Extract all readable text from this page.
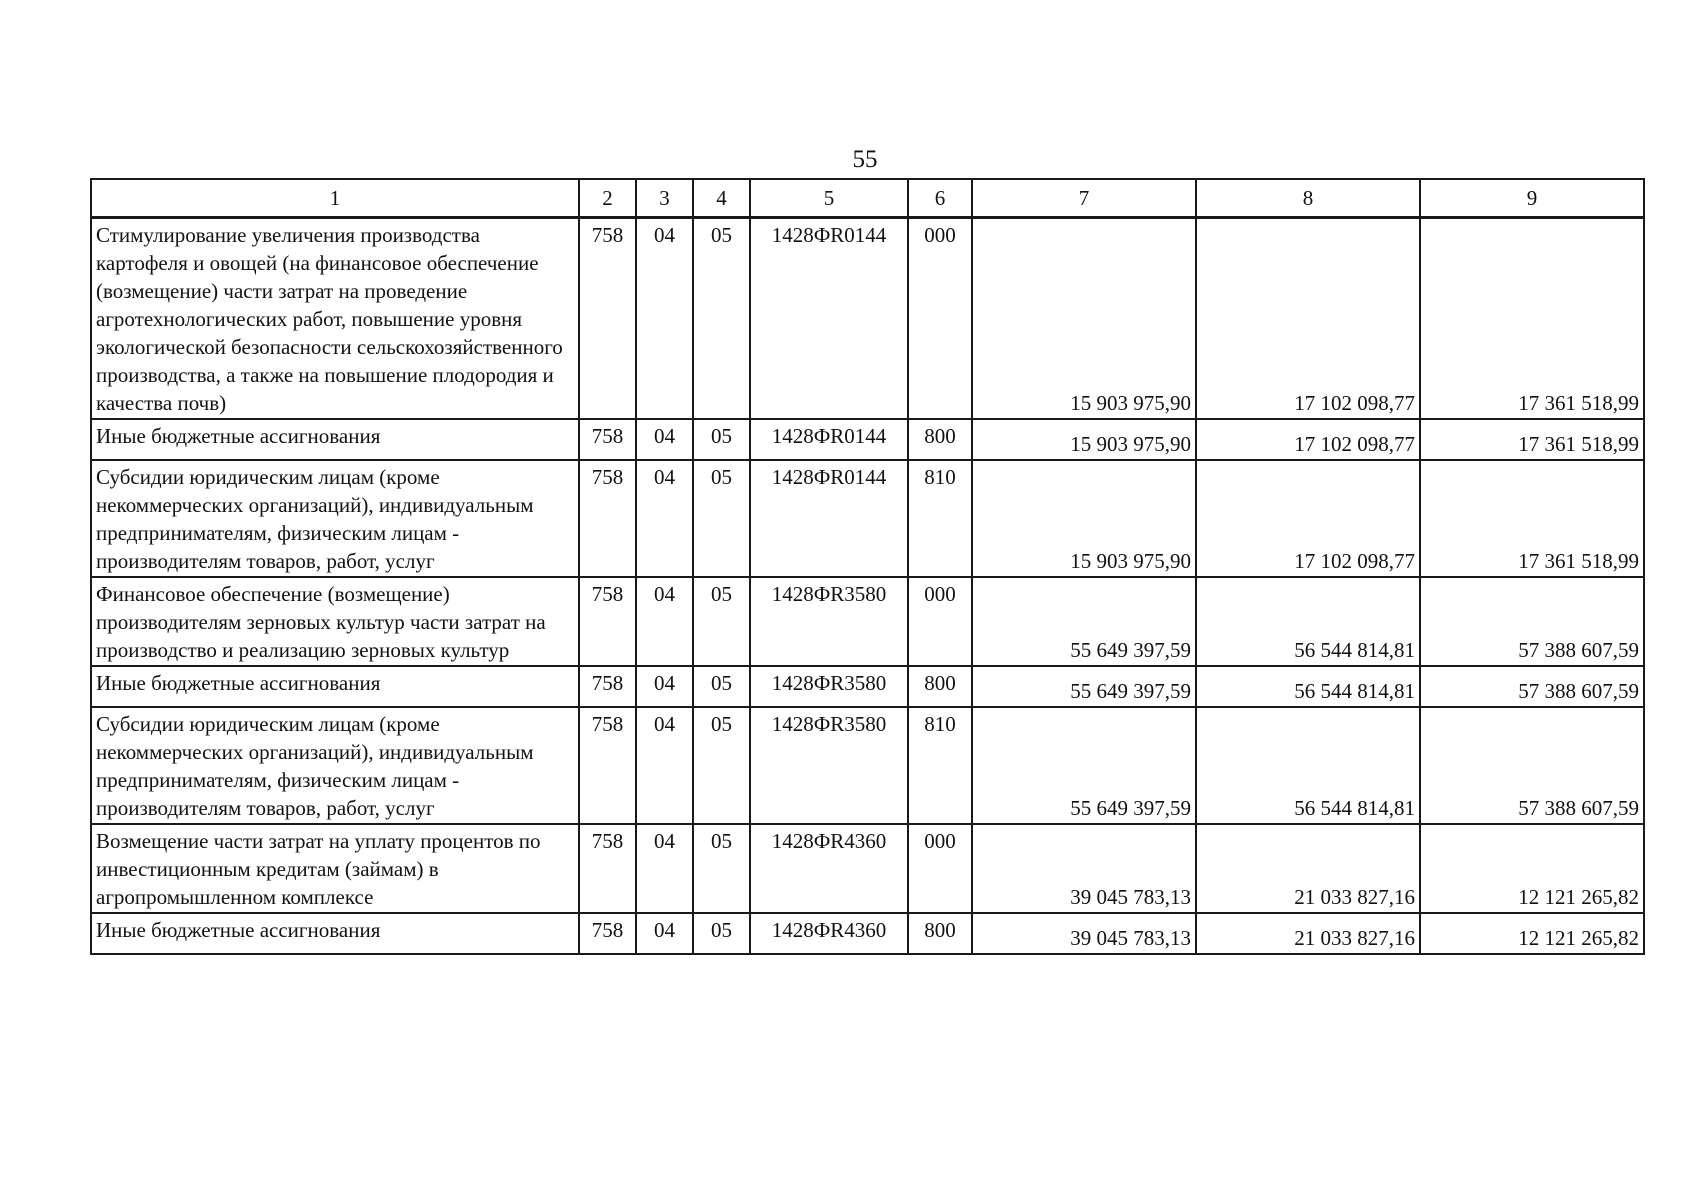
55
1	2	3	4	5	6	7	8	9
Стимулирование увеличения производства картофеля и овощей (на финансовое обеспечение (возмещение) части затрат на проведение агротехнологических работ, повышение уровня экологической безопасности сельскохозяйственного производства, а также на повышение плодородия и качества почв)	758	04	05	1428ФR0144	000	15 903 975,90	17 102 098,77	17 361 518,99
Иные бюджетные ассигнования	758	04	05	1428ФR0144	800	15 903 975,90	17 102 098,77	17 361 518,99
Субсидии юридическим лицам (кроме некоммерческих организаций), индивидуальным предпринимателям, физическим лицам - производителям товаров, работ, услуг	758	04	05	1428ФR0144	810	15 903 975,90	17 102 098,77	17 361 518,99
Финансовое обеспечение (возмещение) производителям зерновых культур части затрат на производство и реализацию зерновых культур	758	04	05	1428ФR3580	000	55 649 397,59	56 544 814,81	57 388 607,59
Иные бюджетные ассигнования	758	04	05	1428ФR3580	800	55 649 397,59	56 544 814,81	57 388 607,59
Субсидии юридическим лицам (кроме некоммерческих организаций), индивидуальным предпринимателям, физическим лицам - производителям товаров, работ, услуг	758	04	05	1428ФR3580	810	55 649 397,59	56 544 814,81	57 388 607,59
Возмещение части затрат на уплату процентов по инвестиционным кредитам (займам) в агропромышленном комплексе	758	04	05	1428ФR4360	000	39 045 783,13	21 033 827,16	12 121 265,82
Иные бюджетные ассигнования	758	04	05	1428ФR4360	800	39 045 783,13	21 033 827,16	12 121 265,82
